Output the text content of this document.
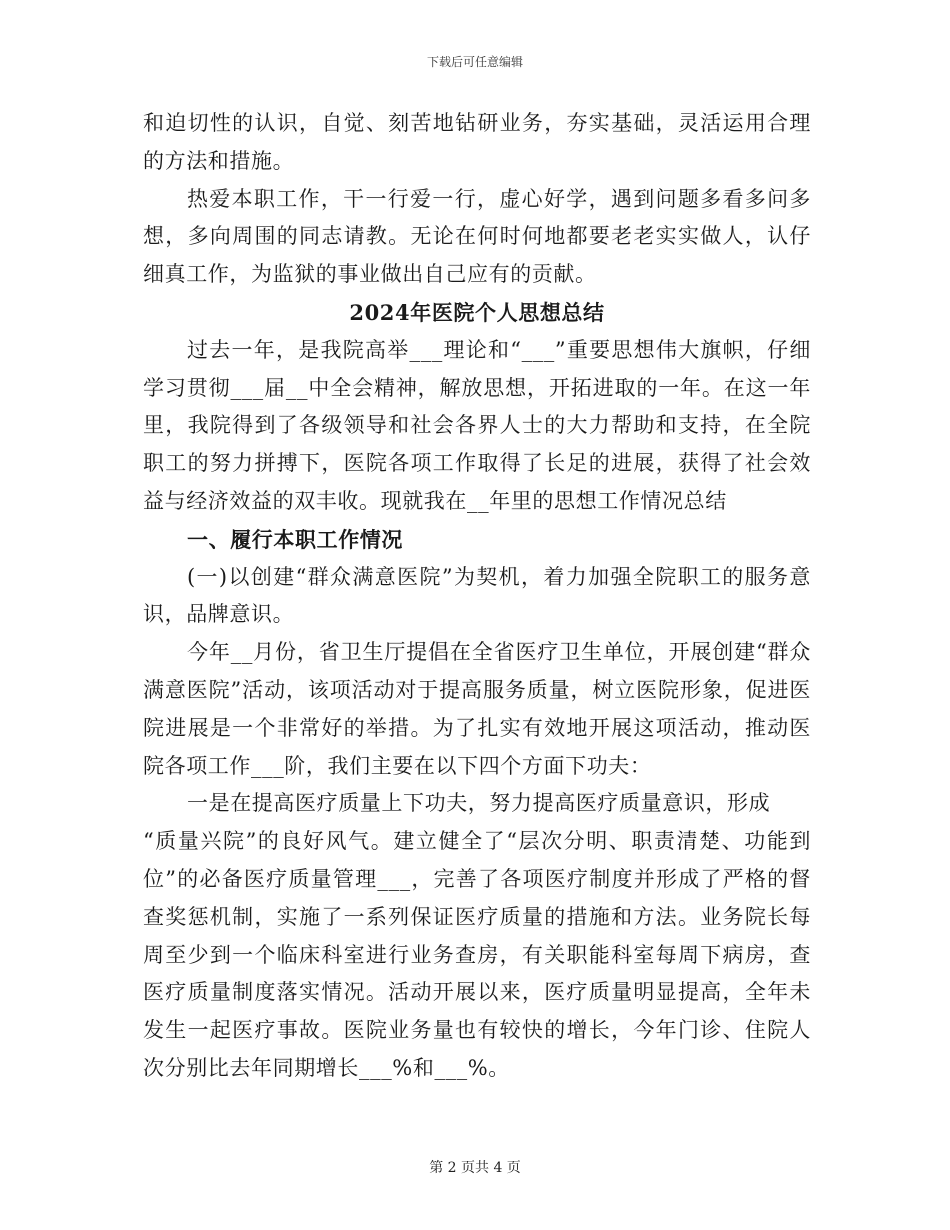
下载后可任意编辑

和迫切性的认识，自觉、刻苦地钻研业务，夯实基础，灵活运用合理的方法和措施。

热爱本职工作，干一行爱一行，虚心好学，遇到问题多看多问多想，多向周围的同志请教。无论在何时何地都要老老实实做人，认仔细真工作，为监狱的事业做出自己应有的贡献。

2024年医院个人思想总结

过去一年，是我院高举___理论和“___”重要思想伟大旗帜，仔细学习贯彻___届__中全会精神，解放思想，开拓进取的一年。在这一年里，我院得到了各级领导和社会各界人士的大力帮助和支持，在全院职工的努力拼搏下，医院各项工作取得了长足的进展，获得了社会效益与经济效益的双丰收。现就我在__年里的思想工作情况总结

一、履行本职工作情况

(一)以创建“群众满意医院”为契机，着力加强全院职工的服务意识，品牌意识。

今年__月份，省卫生厅提倡在全省医疗卫生单位，开展创建“群众满意医院”活动，该项活动对于提高服务质量，树立医院形象，促进医院进展是一个非常好的举措。为了扎实有效地开展这项活动，推动医院各项工作___阶，我们主要在以下四个方面下功夫：

一是在提高医疗质量上下功夫，努力提高医疗质量意识，形成

“质量兴院”的良好风气。建立健全了“层次分明、职责清楚、功能到位”的必备医疗质量管理___，完善了各项医疗制度并形成了严格的督查奖惩机制，实施了一系列保证医疗质量的措施和方法。业务院长每周至少到一个临床科室进行业务查房，有关职能科室每周下病房，查医疗质量制度落实情况。活动开展以来，医疗质量明显提高，全年未发生一起医疗事故。医院业务量也有较快的增长，今年门诊、住院人次分别比去年同期增长___%和___%。

第 2 页共 4 页
